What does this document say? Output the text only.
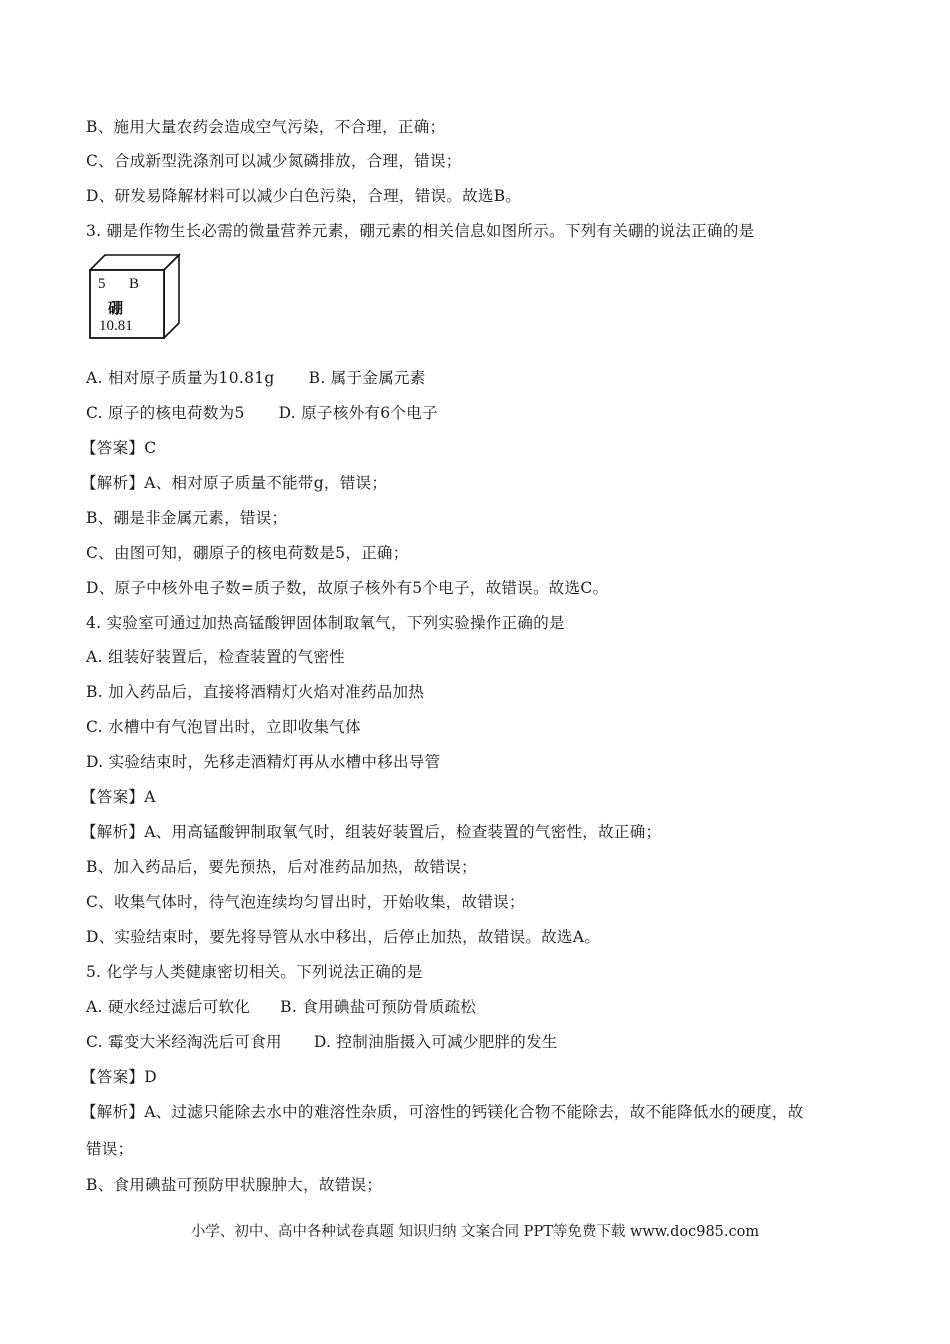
B、施用大量农药会造成空气污染，不合理，正确；
C、合成新型洗涤剂可以减少氮磷排放，合理，错误；
D、研发易降解材料可以减少白色污染，合理，错误。故选B。
3. 硼是作物生长必需的微量营养元素，硼元素的相关信息如图所示。下列有关硼的说法正确的是
5 B
硼
10.81
A. 相对原子质量为10.81g B. 属于金属元素
C. 原子的核电荷数为5 D. 原子核外有6个电子
【答案】C
【解析】A、相对原子质量不能带g，错误；
B、硼是非金属元素，错误；
C、由图可知，硼原子的核电荷数是5，正确；
D、原子中核外电子数=质子数，故原子核外有5个电子，故错误。故选C。
4. 实验室可通过加热高锰酸钾固体制取氧气，下列实验操作正确的是
A. 组装好装置后，检查装置的气密性
B. 加入药品后，直接将酒精灯火焰对准药品加热
C. 水槽中有气泡冒出时，立即收集气体
D. 实验结束时，先移走酒精灯再从水槽中移出导管
【答案】A
【解析】A、用高锰酸钾制取氧气时，组装好装置后，检查装置的气密性，故正确；
B、加入药品后，要先预热，后对准药品加热，故错误；
C、收集气体时，待气泡连续均匀冒出时，开始收集，故错误；
D、实验结束时，要先将导管从水中移出，后停止加热，故错误。故选A。
5. 化学与人类健康密切相关。下列说法正确的是
A. 硬水经过滤后可软化 B. 食用碘盐可预防骨质疏松
C. 霉变大米经淘洗后可食用 D. 控制油脂摄入可减少肥胖的发生
【答案】D
【解析】A、过滤只能除去水中的难溶性杂质，可溶性的钙镁化合物不能除去，故不能降低水的硬度，故
错误；
B、食用碘盐可预防甲状腺肿大，故错误；
小学、初中、高中各种试卷真题 知识归纳 文案合同 PPT等免费下载 www.doc985.com
